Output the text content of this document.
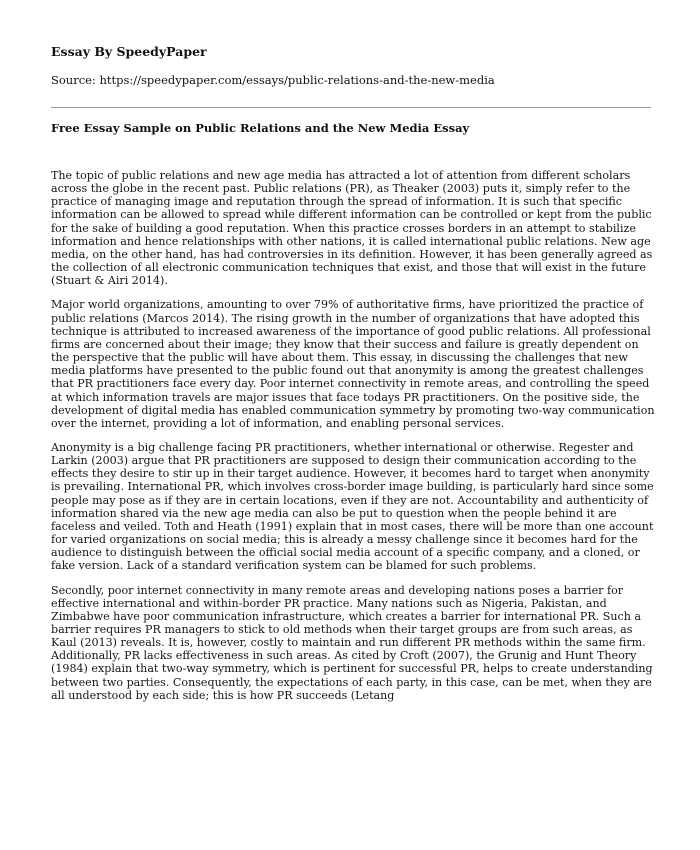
Essay By SpeedyPaper
Source: https://speedypaper.com/essays/public-relations-and-the-new-media
Free Essay Sample on Public Relations and the New Media Essay

The topic of public relations and new age media has attracted a lot of attention from different scholars across the globe in the recent past. Public relations (PR), as Theaker (2003) puts it, simply refer to the practice of managing image and reputation through the spread of information. It is such that specific information can be allowed to spread while different information can be controlled or kept from the public for the sake of building a good reputation. When this practice crosses borders in an attempt to stabilize information and hence relationships with other nations, it is called international public relations. New age media, on the other hand, has had controversies in its definition. However, it has been generally agreed as the collection of all electronic communication techniques that exist, and those that will exist in the future (Stuart & Airi 2014).

Major world organizations, amounting to over 79% of authoritative firms, have prioritized the practice of public relations (Marcos 2014). The rising growth in the number of organizations that have adopted this technique is attributed to increased awareness of the importance of good public relations. All professional firms are concerned about their image; they know that their success and failure is greatly dependent on the perspective that the public will have about them. This essay, in discussing the challenges that new media platforms have presented to the public found out that anonymity is among the greatest challenges that PR practitioners face every day. Poor internet connectivity in remote areas, and controlling the speed at which information travels are major issues that face todays PR practitioners. On the positive side, the development of digital media has enabled communication symmetry by promoting two-way communication over the internet, providing a lot of information, and enabling personal services.

Anonymity is a big challenge facing PR practitioners, whether international or otherwise. Regester and Larkin (2003) argue that PR practitioners are supposed to design their communication according to the effects they desire to stir up in their target audience. However, it becomes hard to target when anonymity is prevailing. International PR, which involves cross-border image building, is particularly hard since some people may pose as if they are in certain locations, even if they are not. Accountability and authenticity of information shared via the new age media can also be put to question when the people behind it are faceless and veiled. Toth and Heath (1991) explain that in most cases, there will be more than one account for varied organizations on social media; this is already a messy challenge since it becomes hard for the audience to distinguish between the official social media account of a specific company, and a cloned, or fake version. Lack of a standard verification system can be blamed for such problems.

Secondly, poor internet connectivity in many remote areas and developing nations poses a barrier for effective international and within-border PR practice. Many nations such as Nigeria, Pakistan, and Zimbabwe have poor communication infrastructure, which creates a barrier for international PR. Such a barrier requires PR managers to stick to old methods when their target groups are from such areas, as Kaul (2013) reveals. It is, however, costly to maintain and run different PR methods within the same firm. Additionally, PR lacks effectiveness in such areas. As cited by Croft (2007), the Grunig and Hunt Theory (1984) explain that two-way symmetry, which is pertinent for successful PR, helps to create understanding between two parties. Consequently, the expectations of each party, in this case, can be met, when they are all understood by each side; this is how PR succeeds (Letang
